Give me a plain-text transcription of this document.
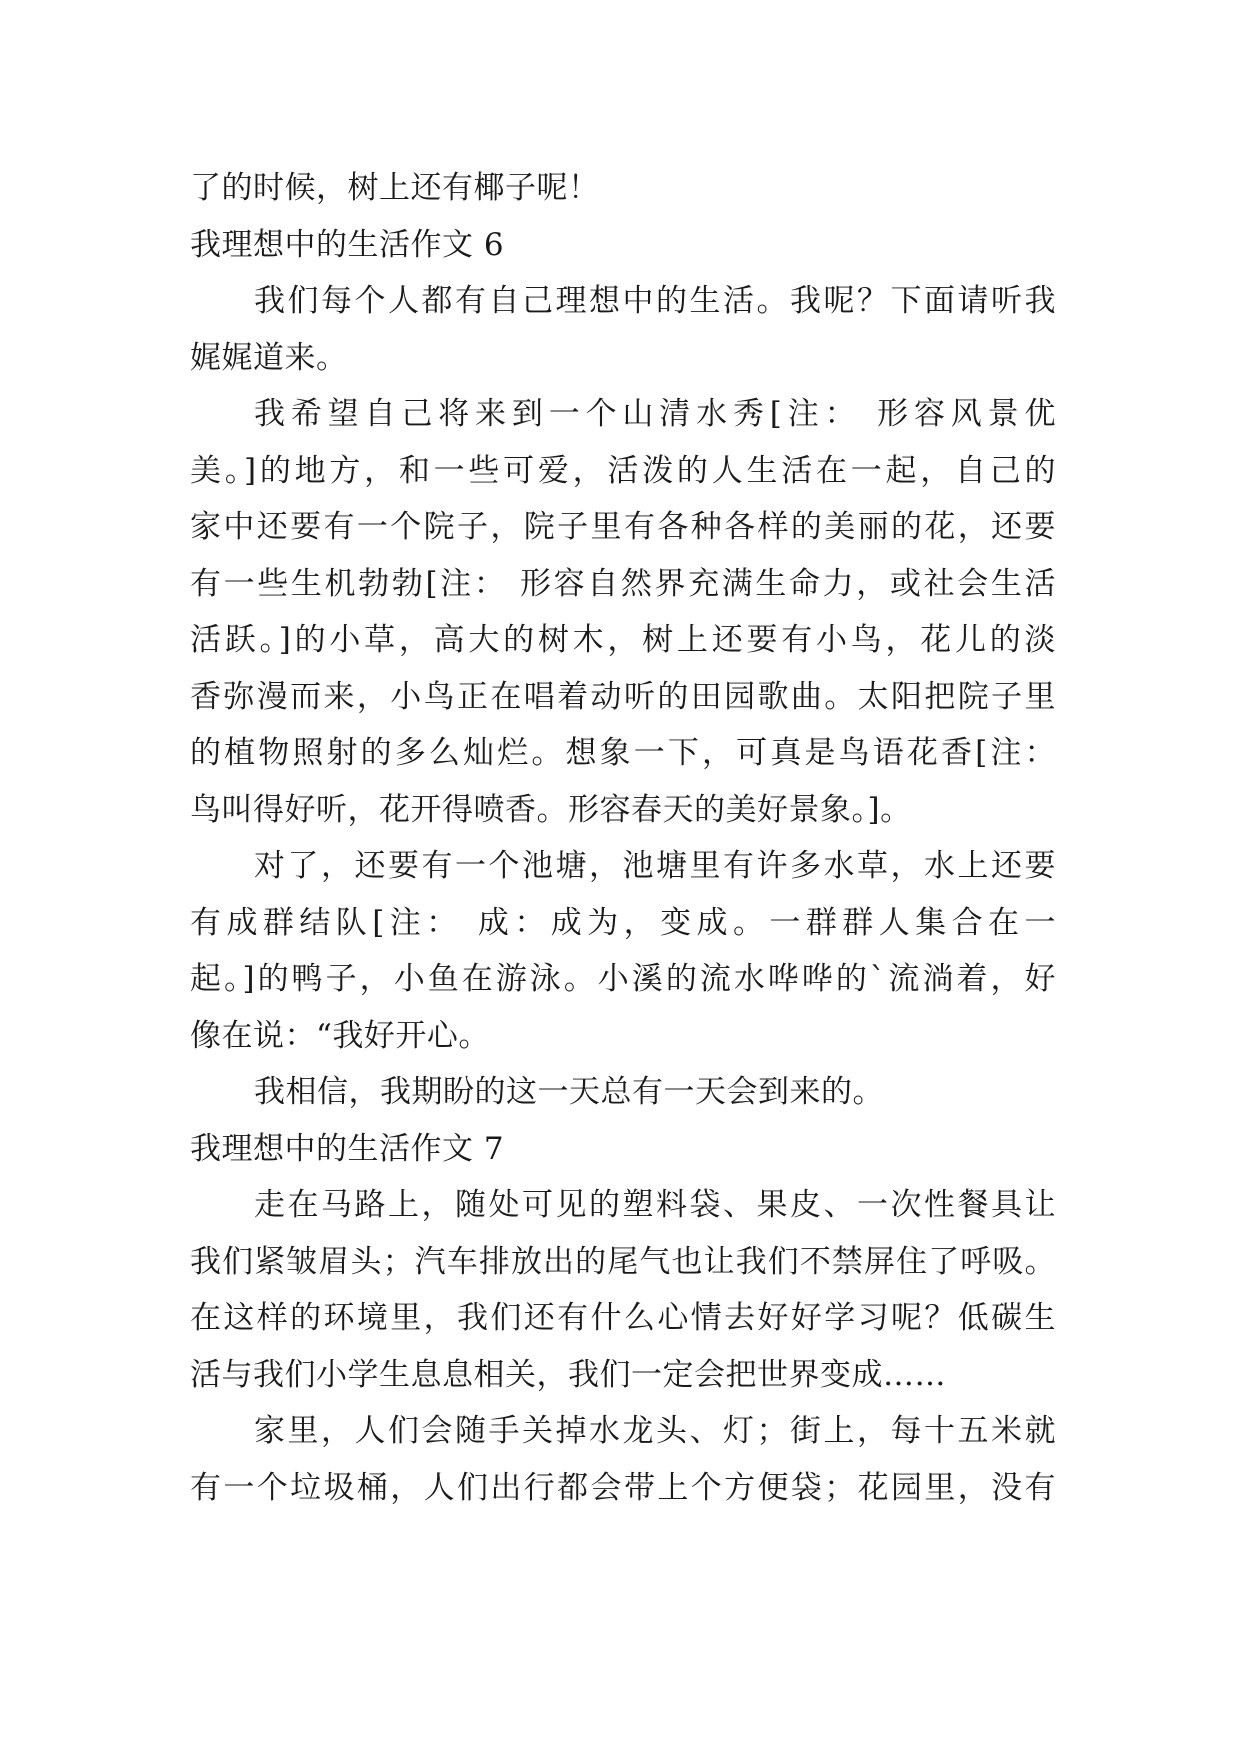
了的时候，树上还有椰子呢！
我理想中的生活作文 6
我们每个人都有自己理想中的生活。我呢？下面请听我
娓娓道来。
我希望自己将来到一个山清水秀[注： 形容风景优
美。]的地方，和一些可爱，活泼的人生活在一起，自己的
家中还要有一个院子，院子里有各种各样的美丽的花，还要
有一些生机勃勃[注： 形容自然界充满生命力，或社会生活
活跃。]的小草，高大的树木，树上还要有小鸟，花儿的淡
香弥漫而来，小鸟正在唱着动听的田园歌曲。太阳把院子里
的植物照射的多么灿烂。想象一下，可真是鸟语花香[注：
鸟叫得好听，花开得喷香。形容春天的美好景象。]。
对了，还要有一个池塘，池塘里有许多水草，水上还要
有成群结队[注： 成：成为，变成。一群群人集合在一
起。]的鸭子，小鱼在游泳。小溪的流水哗哗的`流淌着，好
像在说：“我好开心。
我相信，我期盼的这一天总有一天会到来的。
我理想中的生活作文 7
走在马路上，随处可见的塑料袋、果皮、一次性餐具让
我们紧皱眉头；汽车排放出的尾气也让我们不禁屏住了呼吸。
在这样的环境里，我们还有什么心情去好好学习呢？低碳生
活与我们小学生息息相关，我们一定会把世界变成……
家里，人们会随手关掉水龙头、灯；街上，每十五米就
有一个垃圾桶，人们出行都会带上个方便袋；花园里，没有
